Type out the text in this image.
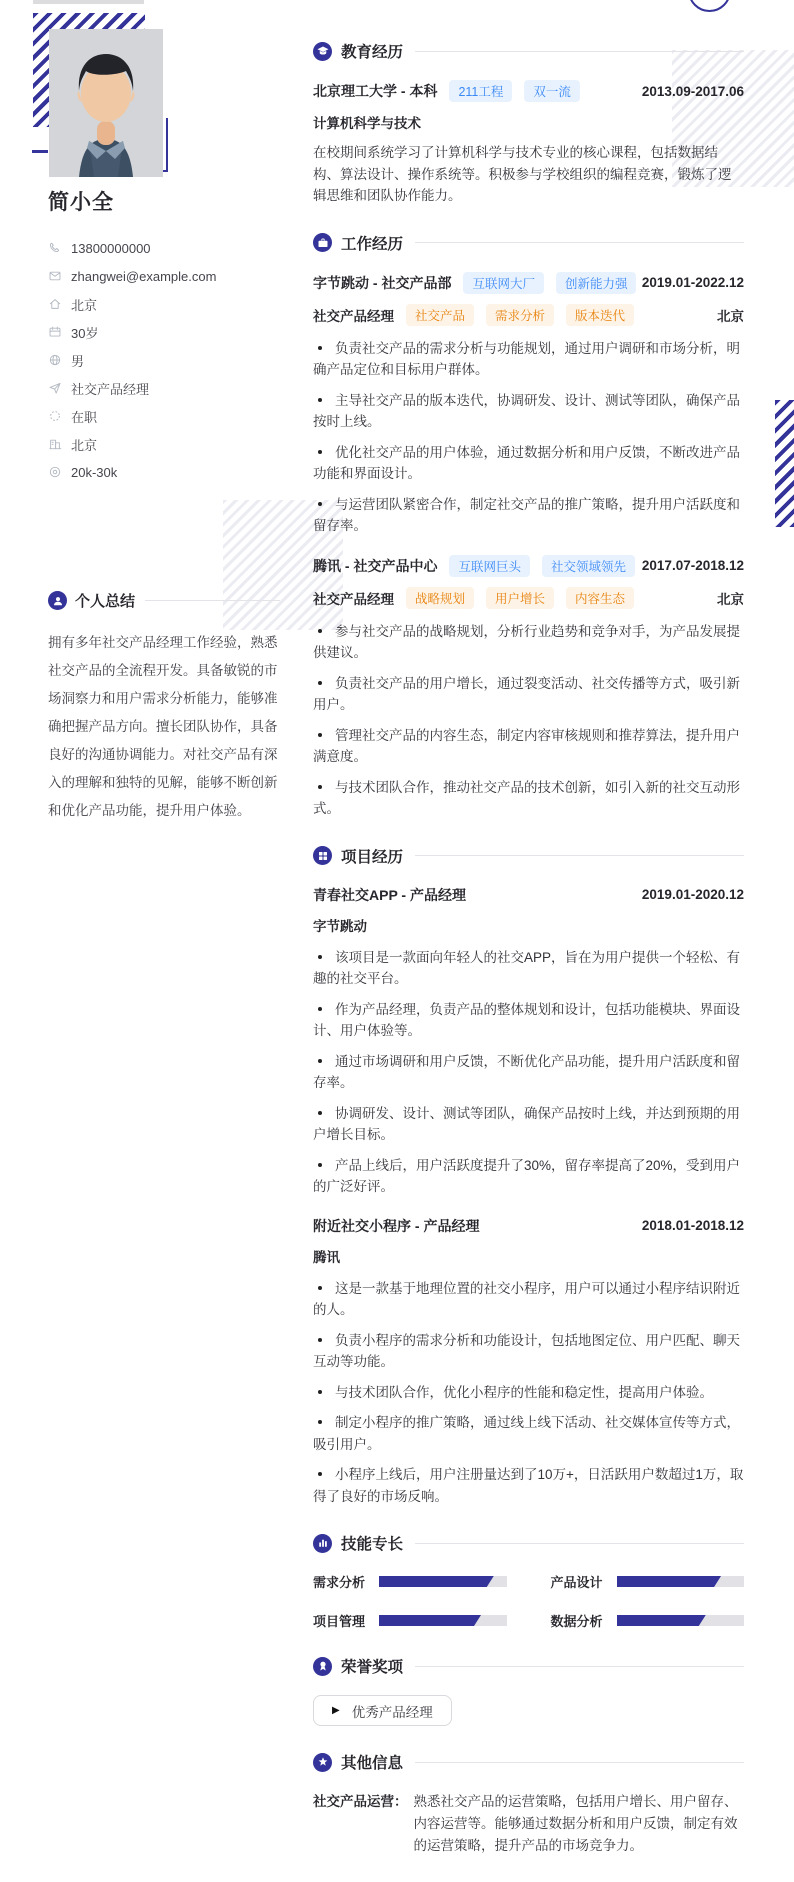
简小全
13800000000
zhangwei@example.com
北京
30岁
男
社交产品经理
在职
北京
20k-30k
个人总结

拥有多年社交产品经理工作经验，熟悉社交产品的全流程开发。具备敏锐的市场洞察力和用户需求分析能力，能够准确把握产品方向。擅长团队协作，具备良好的沟通协调能力。对社交产品有深入的理解和独特的见解，能够不断创新和优化产品功能，提升用户体验。

教育经历
北京理工大学 - 本科	211工程	双一流	2013.09-2017.06
计算机科学与技术

在校期间系统学习了计算机科学与技术专业的核心课程，包括数据结构、算法设计、操作系统等。积极参与学校组织的编程竞赛，锻炼了逻辑思维和团队协作能力。

工作经历
字节跳动 - 社交产品部	互联网大厂	创新能力强	2019.01-2022.12
社交产品经理	社交产品	需求分析	版本迭代	北京

负责社交产品的需求分析与功能规划，通过用户调研和市场分析，明确产品定位和目标用户群体。

主导社交产品的版本迭代，协调研发、设计、测试等团队，确保产品按时上线。

优化社交产品的用户体验，通过数据分析和用户反馈，不断改进产品功能和界面设计。

与运营团队紧密合作，制定社交产品的推广策略，提升用户活跃度和留存率。

腾讯 - 社交产品中心	互联网巨头	社交领域领先	2017.07-2018.12
社交产品经理	战略规划	用户增长	内容生态	北京

参与社交产品的战略规划，分析行业趋势和竞争对手，为产品发展提供建议。

负责社交产品的用户增长，通过裂变活动、社交传播等方式，吸引新用户。

管理社交产品的内容生态，制定内容审核规则和推荐算法，提升用户满意度。

与技术团队合作，推动社交产品的技术创新，如引入新的社交互动形式。

项目经历
青春社交APP - 产品经理	2019.01-2020.12
字节跳动

该项目是一款面向年轻人的社交APP，旨在为用户提供一个轻松、有趣的社交平台。

作为产品经理，负责产品的整体规划和设计，包括功能模块、界面设计、用户体验等。

通过市场调研和用户反馈，不断优化产品功能，提升用户活跃度和留存率。

协调研发、设计、测试等团队，确保产品按时上线，并达到预期的用户增长目标。

产品上线后，用户活跃度提升了30%，留存率提高了20%，受到用户的广泛好评。

附近社交小程序 - 产品经理	2018.01-2018.12
腾讯

这是一款基于地理位置的社交小程序，用户可以通过小程序结识附近的人。

负责小程序的需求分析和功能设计，包括地图定位、用户匹配、聊天互动等功能。

与技术团队合作，优化小程序的性能和稳定性，提高用户体验。

制定小程序的推广策略，通过线上线下活动、社交媒体宣传等方式，吸引用户。

小程序上线后，用户注册量达到了10万+，日活跃用户数超过1万，取得了良好的市场反响。

技能专长
需求分析	产品设计
项目管理	数据分析
荣誉奖项
▶ 优秀产品经理
其他信息
社交产品运营： 熟悉社交产品的运营策略，包括用户增长、用户留存、内容运营等。能够通过数据分析和用户反馈，制定有效的运营策略，提升产品的市场竞争力。
